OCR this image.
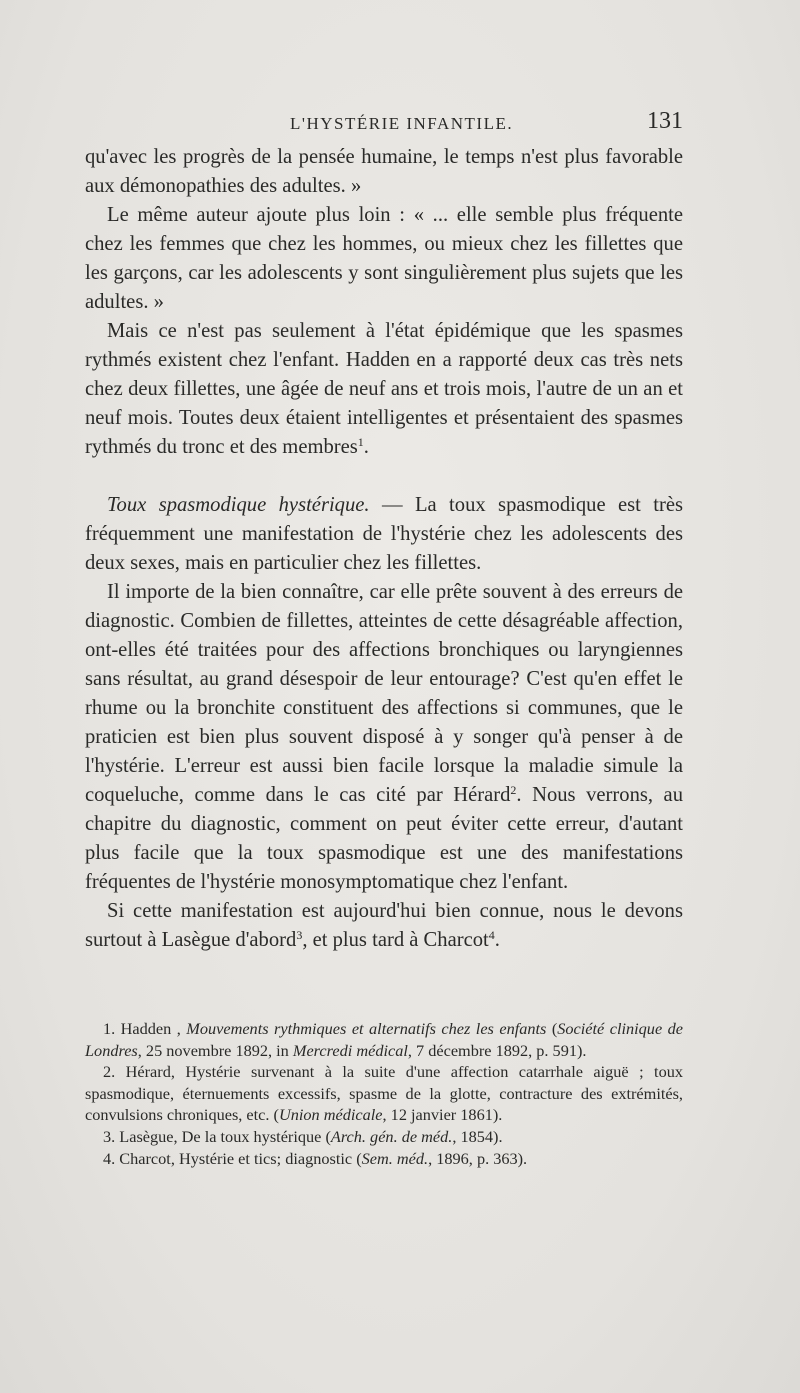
L'HYSTÉRIE INFANTILE.	131

qu'avec les progrès de la pensée humaine, le temps n'est plus favorable aux démonopathies des adultes. »

Le même auteur ajoute plus loin : « ... elle semble plus fréquente chez les femmes que chez les hommes, ou mieux chez les fillettes que les garçons, car les adolescents y sont singulièrement plus sujets que les adultes. »

Mais ce n'est pas seulement à l'état épidémique que les spasmes rythmés existent chez l'enfant. Hadden en a rapporté deux cas très nets chez deux fillettes, une âgée de neuf ans et trois mois, l'autre de un an et neuf mois. Toutes deux étaient intelligentes et présentaient des spasmes rythmés du tronc et des membres$^1$.

Toux spasmodique hystérique. — La toux spasmodique est très fréquemment une manifestation de l'hystérie chez les adolescents des deux sexes, mais en particulier chez les fillettes.

Il importe de la bien connaître, car elle prête souvent à des erreurs de diagnostic. Combien de fillettes, atteintes de cette désagréable affection, ont-elles été traitées pour des affections bronchiques ou laryngiennes sans résultat, au grand désespoir de leur entourage? C'est qu'en effet le rhume ou la bronchite constituent des affections si communes, que le praticien est bien plus souvent disposé à y songer qu'à penser à de l'hystérie. L'erreur est aussi bien facile lorsque la maladie simule la coqueluche, comme dans le cas cité par Hérard$^2$. Nous verrons, au chapitre du diagnostic, comment on peut éviter cette erreur, d'autant plus facile que la toux spasmodique est une des manifestations fréquentes de l'hystérie monosymptomatique chez l'enfant.

Si cette manifestation est aujourd'hui bien connue, nous le devons surtout à Lasègue d'abord$^3$, et plus tard à Charcot$^4$.

1. Hadden , Mouvements rythmiques et alternatifs chez les enfants (Société clinique de Londres, 25 novembre 1892, in Mercredi médical, 7 décembre 1892, p. 591).

2. Hérard, Hystérie survenant à la suite d'une affection catarrhale aiguë ; toux spasmodique, éternuements excessifs, spasme de la glotte, contracture des extrémités, convulsions chroniques, etc. (Union médicale, 12 janvier 1861).

3. Lasègue, De la toux hystérique (Arch. gén. de méd., 1854).

4. Charcot, Hystérie et tics; diagnostic (Sem. méd., 1896, p. 363).
